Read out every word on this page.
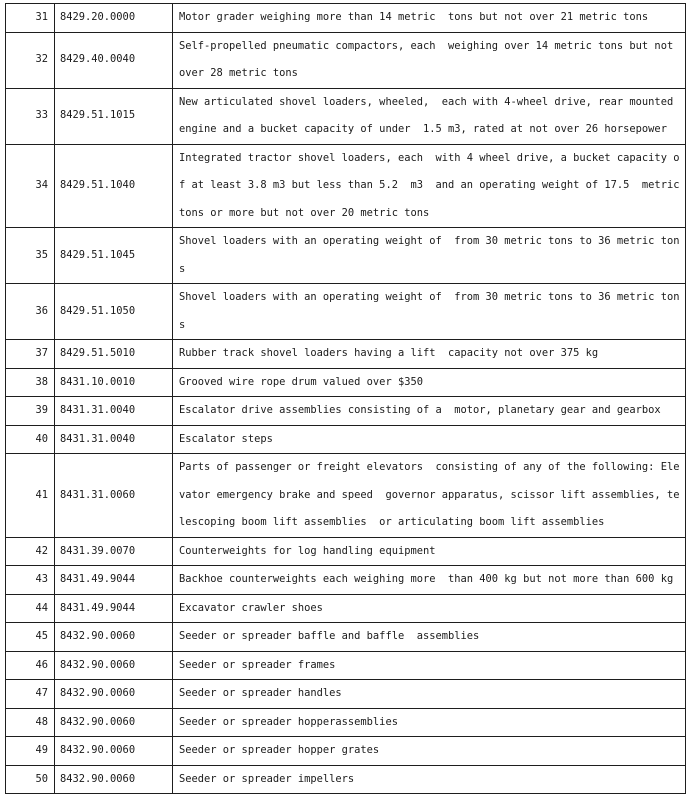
31	8429.20.0000	Motor grader weighing more than 14 metric  tons but not over 21 metric tons
32	8429.40.0040	Self-propelled pneumatic compactors, each  weighing over 14 metric tons but not over 28 metric tons
33	8429.51.1015	New articulated shovel loaders, wheeled,  each with 4-wheel drive, rear mounted engine and a bucket capacity of under  1.5 m3, rated at not over 26 horsepower
34	8429.51.1040	Integrated tractor shovel loaders, each  with 4 wheel drive, a bucket capacity of at least 3.8 m3 but less than 5.2  m3  and an operating weight of 17.5  metric tons or more but not over 20 metric tons
35	8429.51.1045	Shovel loaders with an operating weight of  from 30 metric tons to 36 metric tons
36	8429.51.1050	Shovel loaders with an operating weight of  from 30 metric tons to 36 metric tons
37	8429.51.5010	Rubber track shovel loaders having a lift  capacity not over 375 kg
38	8431.10.0010	Grooved wire rope drum valued over $350
39	8431.31.0040	Escalator drive assemblies consisting of a  motor, planetary gear and gearbox
40	8431.31.0040	Escalator steps
41	8431.31.0060	Parts of passenger or freight elevators  consisting of any of the following: Elevator emergency brake and speed  governor apparatus, scissor lift assemblies, telescoping boom lift assemblies  or articulating boom lift assemblies
42	8431.39.0070	Counterweights for log handling equipment
43	8431.49.9044	Backhoe counterweights each weighing more  than 400 kg but not more than 600 kg
44	8431.49.9044	Excavator crawler shoes
45	8432.90.0060	Seeder or spreader baffle and baffle  assemblies
46	8432.90.0060	Seeder or spreader frames
47	8432.90.0060	Seeder or spreader handles
48	8432.90.0060	Seeder or spreader hopperassemblies
49	8432.90.0060	Seeder or spreader hopper grates
50	8432.90.0060	Seeder or spreader impellers
